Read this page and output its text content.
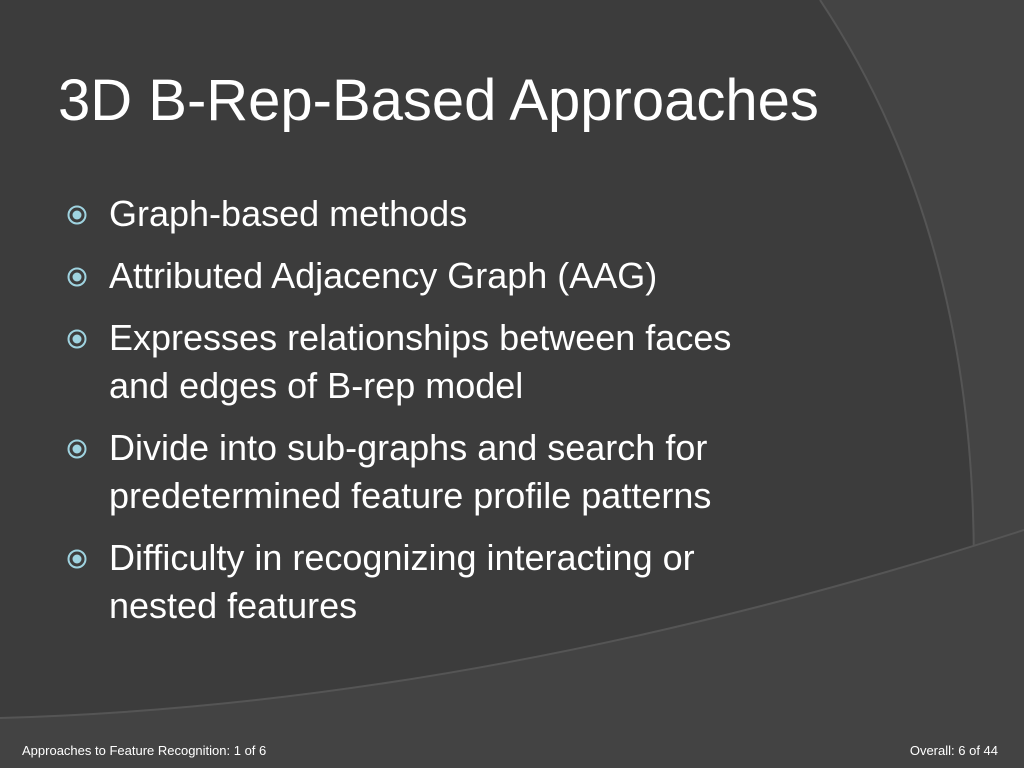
3D B-Rep-Based Approaches
Graph-based methods
Attributed Adjacency Graph (AAG)
Expresses relationships between faces
and edges of B-rep model
Divide into sub-graphs and search for
predetermined feature profile patterns
Difficulty in recognizing interacting or
nested features
Approaches to Feature Recognition: 1 of 6	Overall: 6 of 44
